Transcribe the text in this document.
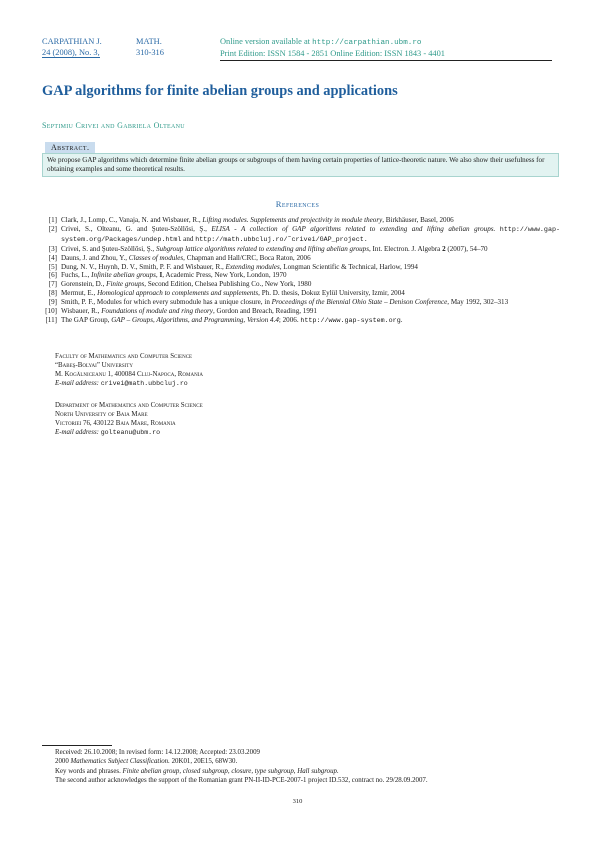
CARPATHIAN J.	MATH.
24 (2008), No. 3,	310-316
Online version available at http://carpathian.ubm.ro
Print Edition: ISSN 1584 - 2851 Online Edition: ISSN 1843 - 4401
GAP algorithms for finite abelian groups and applications
Septimiu Crivei and Gabriela Olteanu
Abstract.
We propose GAP algorithms which determine finite abelian groups or subgroups of them having certain properties of lattice-theoretic nature. We also show their usefulness for obtaining examples and some theoretical results.
References
[1] Clark, J., Lomp, C., Vanaja, N. and Wisbauer, R., Lifting modules. Supplements and projectivity in module theory, Birkhäuser, Basel, 2006
[2] Crivei, S., Olteanu, G. and Şuteu-Szöllősi, Ş., ELISA - A collection of GAP algorithms related to extending and lifting abelian groups. http://www.gap-system.org/Packages/undep.html and http://math.ubbcluj.ro/˜crivei/GAP_project.
[3] Crivei, S. and Şuteu-Szöllősi, Ş., Subgroup lattice algorithms related to extending and lifting abelian groups, Int. Electron. J. Algebra 2 (2007), 54–70
[4] Dauns, J. and Zhou, Y., Classes of modules, Chapman and Hall/CRC, Boca Raton, 2006
[5] Dung, N. V., Huynh, D. V., Smith, P. F. and Wisbauer, R., Extending modules, Longman Scientific & Technical, Harlow, 1994
[6] Fuchs, L., Infinite abelian groups, I, Academic Press, New York, London, 1970
[7] Gorenstein, D., Finite groups, Second Edition, Chelsea Publishing Co., New York, 1980
[8] Mermut, E., Homological approach to complements and supplements, Ph. D. thesis, Dokuz Eylül University, Izmir, 2004
[9] Smith, P. F., Modules for which every submodule has a unique closure, in Proceedings of the Biennial Ohio State – Denison Conference, May 1992, 302–313
[10] Wisbauer, R., Foundations of module and ring theory, Gordon and Breach, Reading, 1991
[11] The GAP Group, GAP – Groups, Algorithms, and Programming, Version 4.4; 2006. http://www.gap-system.org.
Faculty of Mathematics and Computer Science
“Babeş-Bolyai” University
M. Kogălniceanu 1, 400084 Cluj-Napoca, Romania
E-mail address: crivei@math.ubbcluj.ro
Department of Mathematics and Computer Science
North University of Baia Mare
Victoriei 76, 430122 Baia Mare, Romania
E-mail address: golteanu@ubm.ro
Received: 26.10.2008; In revised form: 14.12.2008; Accepted: 23.03.2009
2000 Mathematics Subject Classification. 20K01, 20E15, 68W30.
Key words and phrases. Finite abelian group, closed subgroup, closure, type subgroup, Hall subgroup.
The second author acknowledges the support of the Romanian grant PN-II-ID-PCE-2007-1 project ID.532, contract no. 29/28.09.2007.
310
